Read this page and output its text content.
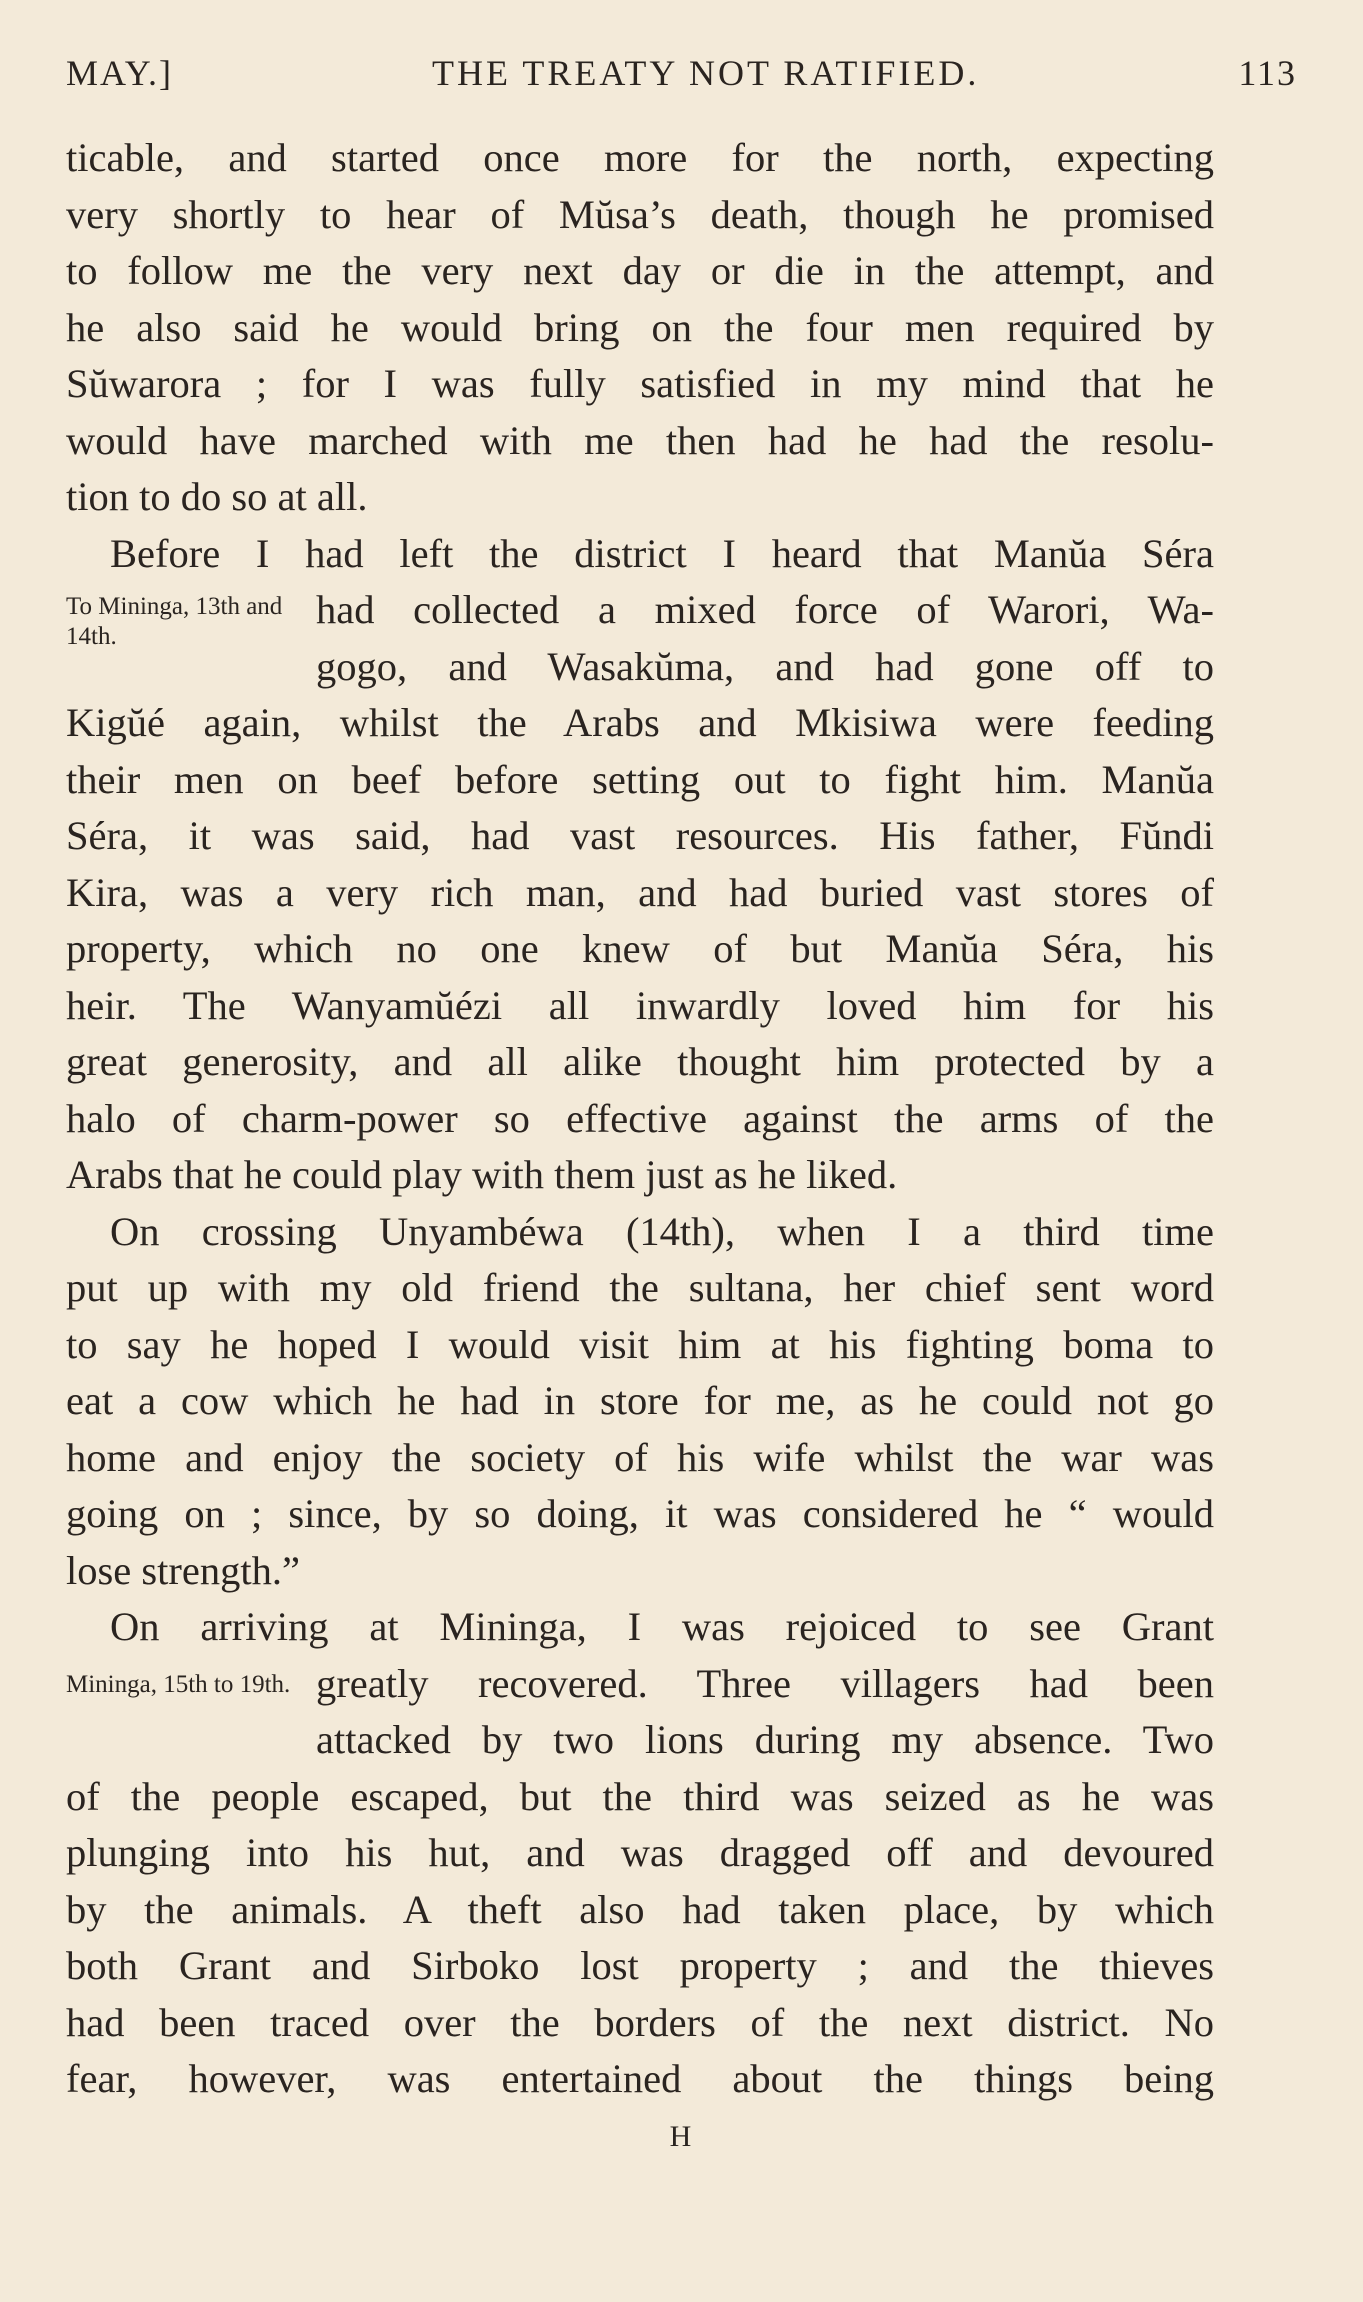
MAY.]	THE TREATY NOT RATIFIED.	113
ticable, and started once more for the north, expecting
very shortly to hear of Mŭsa’s death, though he promised
to follow me the very next day or die in the attempt, and
he also said he would bring on the four men required by
Sŭwarora ; for I was fully satisfied in my mind that he
would have marched with me then had he had the resolu-
tion to do so at all.
Before I had left the district I heard that Manŭa Séra
To Mininga, 13th and 14th.
had collected a mixed force of Warori, Wa-
gogo, and Wasakŭma, and had gone off to
Kigŭé again, whilst the Arabs and Mkisiwa were feeding
their men on beef before setting out to fight him. Manŭa
Séra, it was said, had vast resources. His father, Fŭndi
Kira, was a very rich man, and had buried vast stores of
property, which no one knew of but Manŭa Séra, his
heir. The Wanyamŭézi all inwardly loved him for his
great generosity, and all alike thought him protected by a
halo of charm-power so effective against the arms of the
Arabs that he could play with them just as he liked.
On crossing Unyambéwa (14th), when I a third time
put up with my old friend the sultana, her chief sent word
to say he hoped I would visit him at his fighting boma to
eat a cow which he had in store for me, as he could not go
home and enjoy the society of his wife whilst the war was
going on ; since, by so doing, it was considered he “ would
lose strength.”
On arriving at Mininga, I was rejoiced to see Grant
Mininga, 15th to 19th. greatly recovered. Three villagers had been
attacked by two lions during my absence. Two
of the people escaped, but the third was seized as he was
plunging into his hut, and was dragged off and devoured
by the animals. A theft also had taken place, by which
both Grant and Sirboko lost property ; and the thieves
had been traced over the borders of the next district. No
fear, however, was entertained about the things being
H
